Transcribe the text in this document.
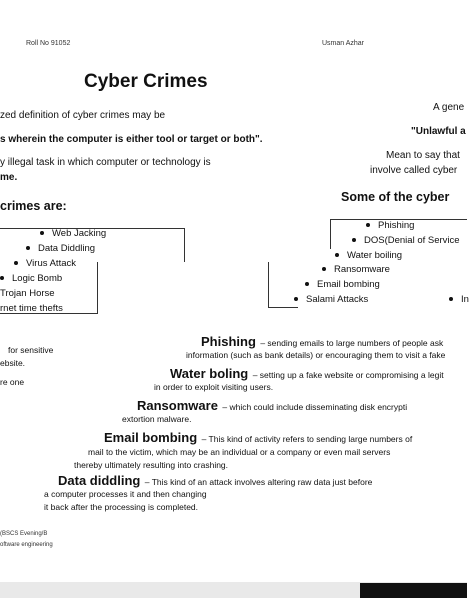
Roll No 91052	Usman Azhar
Cyber Crimes
zed definition of cyber crimes may be
s wherein the computer is either tool or target or both".
y illegal task in which computer or technology is
me.
A gene
"Unlawful a
Mean to say that
involve called cyber
crimes are:
Some of the cyber
Web Jacking
Data Diddling
Virus Attack
Logic Bomb
Trojan Horse
rnet time thefts
Phishing
DOS(Denial of Service
Water boiling
Ransomware
Email bombing
Salami Attacks	In
Phishing – sending emails to large numbers of people ask
information (such as bank details) or encouraging them to visit a fake
Water boling – setting up a fake website or compromising a legit
in order to exploit visiting users.
Ransomware – which could include disseminating disk encrypti
extortion malware.
Email bombing – This kind of activity refers to sending large numbers of
mail to the victim, which may be an individual or a company or even mail servers
thereby ultimately resulting into crashing.
Data diddling – This kind of an attack involves altering raw data just before
a computer processes it and then changing
it back after the processing is completed.
for sensitive
ebsite.
re one
(BSCS Evening/B
oftware engineering
